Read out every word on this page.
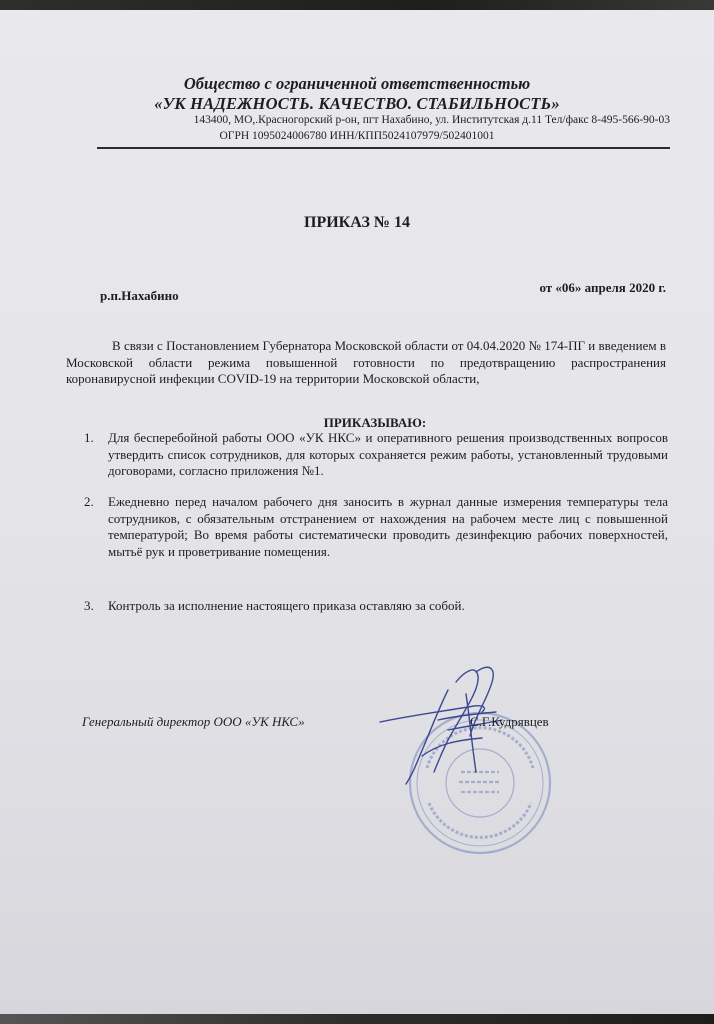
Общество с ограниченной ответственностью
«УК НАДЕЖНОСТЬ. КАЧЕСТВО. СТАБИЛЬНОСТЬ»
143400, МО,.Красногорский р-он, пгт Нахабино, ул. Институтская д.11 Тел/факс 8-495-566-90-03
ОГРН 1095024006780 ИНН/КПП5024107979/502401001
ПРИКАЗ № 14
р.п.Нахабино
от «06» апреля 2020 г.
В связи с Постановлением Губернатора Московской области от 04.04.2020 № 174-ПГ и введением в Московской области режима повышенной готовности по предотвращению распространения коронавирусной инфекции COVID-19 на территории Московской области,
ПРИКАЗЫВАЮ:
1. Для бесперебойной работы ООО «УК НКС» и оперативного решения производственных вопросов утвердить список сотрудников, для которых сохраняется режим работы, установленный трудовыми договорами, согласно приложения №1.
2. Ежедневно перед началом рабочего дня заносить в журнал данные измерения температуры тела сотрудников, с обязательным отстранением от нахождения на рабочем месте лиц с повышенной температурой; Во время работы систематически проводить дезинфекцию рабочих поверхностей, мытьё рук и проветривание помещения.
3. Контроль за исполнение настоящего приказа оставляю за собой.
Генеральный директор ООО «УК НКС»	С.Г.Кудрявцев
